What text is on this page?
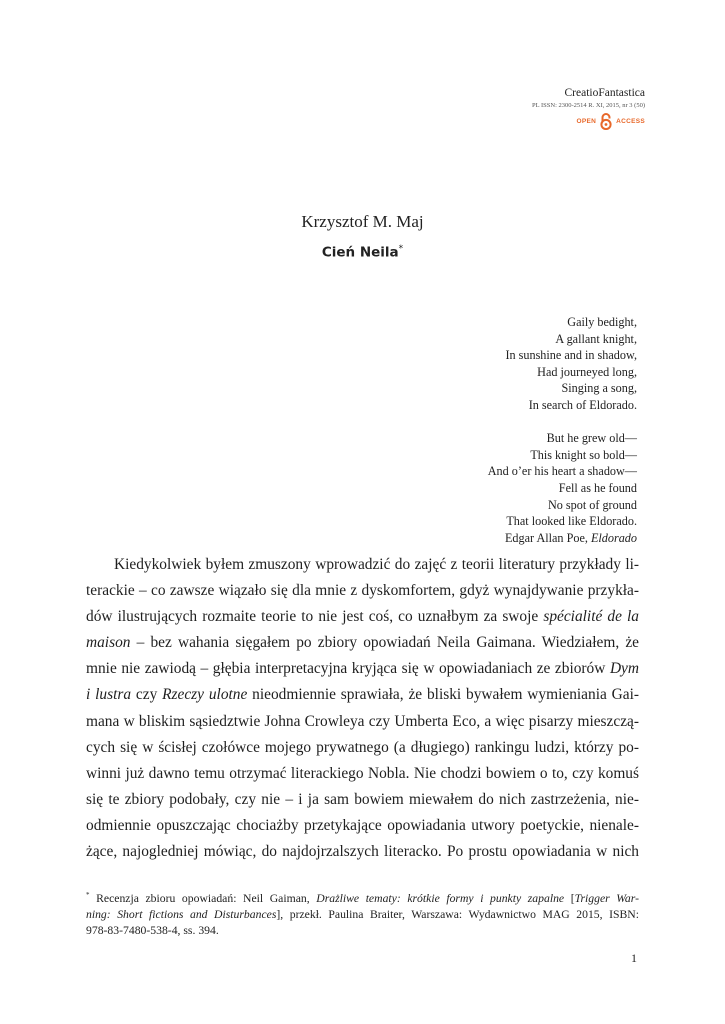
CreatioFantastica
PL ISSN: 2300-2514 R. XI, 2015, nr 3 (50)
OPEN	ACCESS
Krzysztof M. Maj
Cień Neila*
Gaily bedight,
A gallant knight,
In sunshine and in shadow,
Had journeyed long,
Singing a song,
In search of Eldorado.
But he grew old—
This knight so bold—
And o’er his heart a shadow—
Fell as he found
No spot of ground
That looked like Eldorado.
Edgar Allan Poe, Eldorado
Kiedykolwiek byłem zmuszony wprowadzić do zajęć z teorii literatury przykłady li-
terackie – co zawsze wiązało się dla mnie z dyskomfortem, gdyż wynajdywanie przykła-
dów ilustrujących rozmaite teorie to nie jest coś, co uznałbym za swoje spécialité de la
maison – bez wahania sięgałem po zbiory opowiadań Neila Gaimana. Wiedziałem, że
mnie nie zawiodą – głębia interpretacyjna kryjąca się w opowiadaniach ze zbiorów Dym
i lustra czy Rzeczy ulotne nieodmiennie sprawiała, że bliski bywałem wymieniania Gai-
mana w bliskim sąsiedztwie Johna Crowleya czy Umberta Eco, a więc pisarzy mieszczą-
cych się w ścisłej czołówce mojego prywatnego (a długiego) rankingu ludzi, którzy po-
winni już dawno temu otrzymać literackiego Nobla. Nie chodzi bowiem o to, czy komuś
się te zbiory podobały, czy nie – i ja sam bowiem miewałem do nich zastrzeżenia, nie-
odmiennie opuszczając chociażby przetykające opowiadania utwory poetyckie, nienale-
żące, najogledniej mówiąc, do najdojrzalszych literacko. Po prostu opowiadania w nich
* Recenzja zbioru opowiadań: Neil Gaiman, Drażliwe tematy: krótkie formy i punkty zapalne [Trigger War-
ning: Short fictions and Disturbances], przekł. Paulina Braiter, Warszawa: Wydawnictwo MAG 2015, ISBN:
978-83-7480-538-4, ss. 394.
1
